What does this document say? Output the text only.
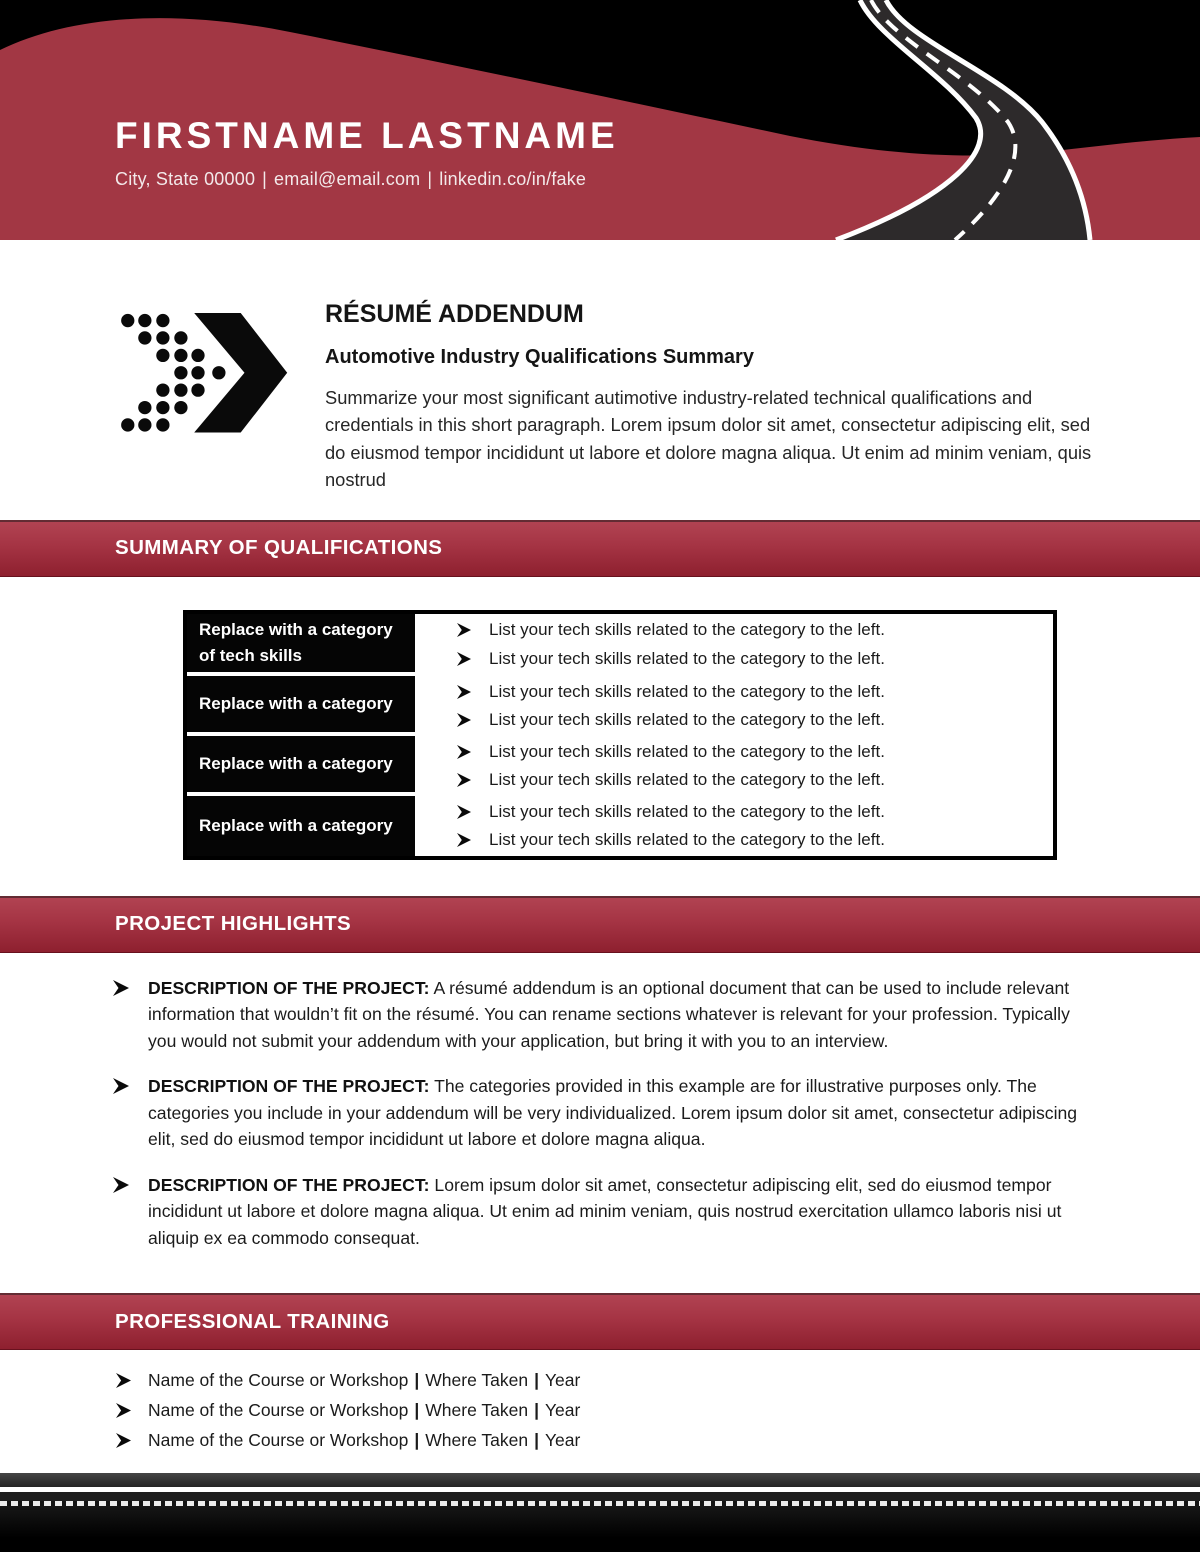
FIRSTNAME LASTNAME
City, State 00000 | email@email.com | linkedin.co/in/fake
RÉSUMÉ ADDENDUM
Automotive Industry Qualifications Summary

Summarize your most significant autimotive industry-related technical qualifications and credentials in this short paragraph. Lorem ipsum dolor sit amet, consectetur adipiscing elit, sed do eiusmod tempor incididunt ut labore et dolore magna aliqua. Ut enim ad minim veniam, quis nostrud

SUMMARY OF QUALIFICATIONS
Replace with a category of tech skills
List your tech skills related to the category to the left.
List your tech skills related to the category to the left.
Replace with a category
List your tech skills related to the category to the left.
List your tech skills related to the category to the left.
Replace with a category
List your tech skills related to the category to the left.
List your tech skills related to the category to the left.
Replace with a category
List your tech skills related to the category to the left.
List your tech skills related to the category to the left.
PROJECT HIGHLIGHTS

DESCRIPTION OF THE PROJECT: A résumé addendum is an optional document that can be used to include relevant information that wouldn’t fit on the résumé. You can rename sections whatever is relevant for your profession. Typically you would not submit your addendum with your application, but bring it with you to an interview.

DESCRIPTION OF THE PROJECT: The categories provided in this example are for illustrative purposes only. The categories you include in your addendum will be very individualized. Lorem ipsum dolor sit amet, consectetur adipiscing elit, sed do eiusmod tempor incididunt ut labore et dolore magna aliqua.

DESCRIPTION OF THE PROJECT: Lorem ipsum dolor sit amet, consectetur adipiscing elit, sed do eiusmod tempor incididunt ut labore et dolore magna aliqua. Ut enim ad minim veniam, quis nostrud exercitation ullamco laboris nisi ut aliquip ex ea commodo consequat.

PROFESSIONAL TRAINING
Name of the Course or Workshop | Where Taken | Year
Name of the Course or Workshop | Where Taken | Year
Name of the Course or Workshop | Where Taken | Year
